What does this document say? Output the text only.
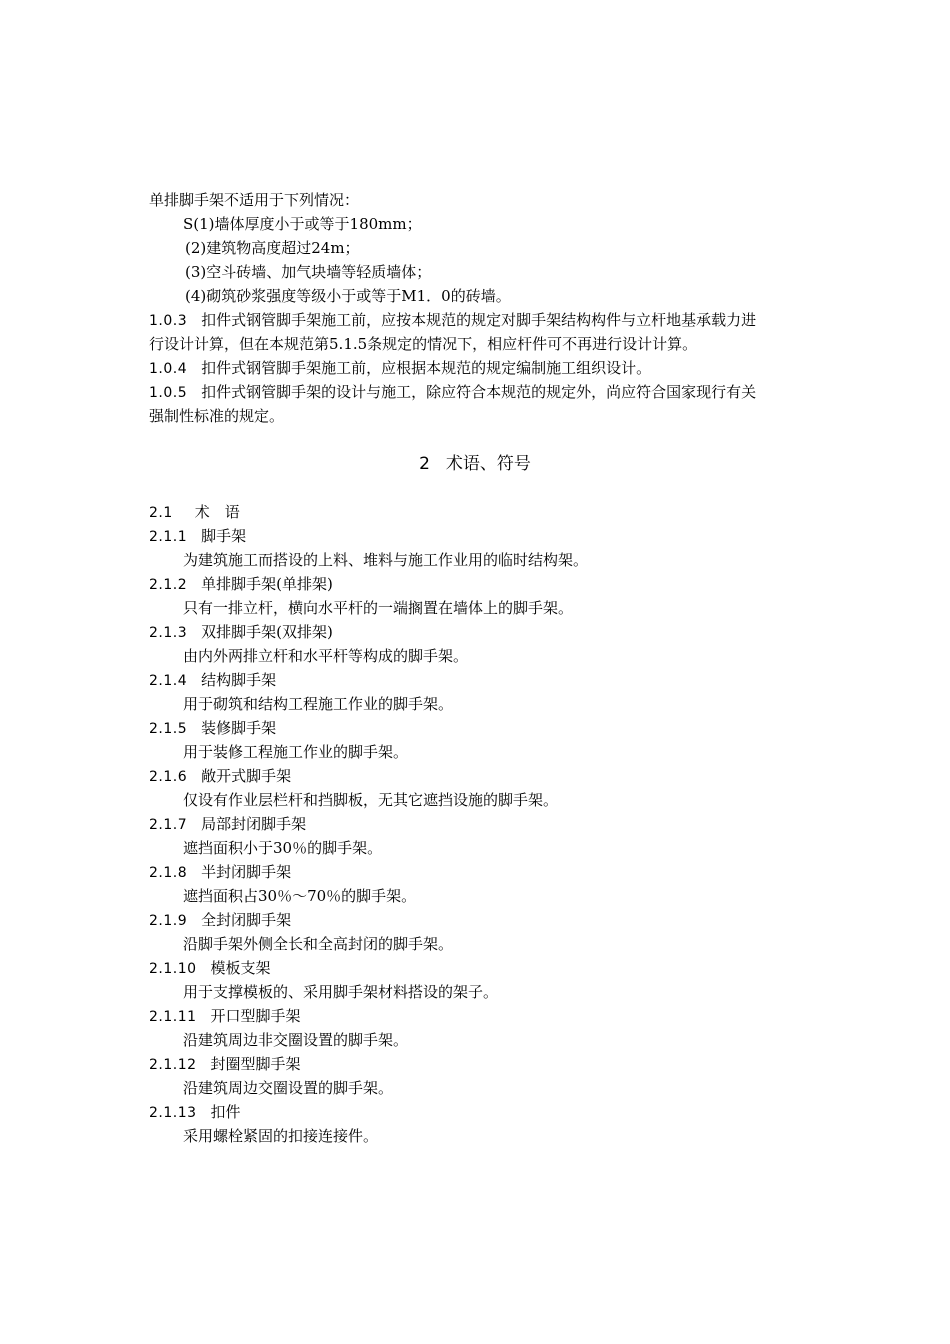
单排脚手架不适用于下列情况：
S(1)墙体厚度小于或等于180mm；
(2)建筑物高度超过24m；
(3)空斗砖墙、加气块墙等轻质墙体；
(4)砌筑砂浆强度等级小于或等于M1．0的砖墙。
1.0.3 扣件式钢管脚手架施工前，应按本规范的规定对脚手架结构构件与立杆地基承载力进
行设计计算，但在本规范第5.1.5条规定的情况下，相应杆件可不再进行设计计算。
1.0.4 扣件式钢管脚手架施工前，应根据本规范的规定编制施工组织设计。
1.0.5 扣件式钢管脚手架的设计与施工，除应符合本规范的规定外，尚应符合国家现行有关
强制性标准的规定。
2 术语、符号
2.1 术　语
2.1.1 脚手架
为建筑施工而搭设的上料、堆料与施工作业用的临时结构架。
2.1.2 单排脚手架(单排架)
只有一排立杆，横向水平杆的一端搁置在墙体上的脚手架。
2.1.3 双排脚手架(双排架)
由内外两排立杆和水平杆等构成的脚手架。
2.1.4 结构脚手架
用于砌筑和结构工程施工作业的脚手架。
2.1.5 装修脚手架
用于装修工程施工作业的脚手架。
2.1.6 敞开式脚手架
仅设有作业层栏杆和挡脚板，无其它遮挡设施的脚手架。
2.1.7 局部封闭脚手架
遮挡面积小于30％的脚手架。
2.1.8 半封闭脚手架
遮挡面积占30％～70％的脚手架。
2.1.9 全封闭脚手架
沿脚手架外侧全长和全高封闭的脚手架。
2.1.10 模板支架
用于支撑模板的、采用脚手架材料搭设的架子。
2.1.11 开口型脚手架
沿建筑周边非交圈设置的脚手架。
2.1.12 封圈型脚手架
沿建筑周边交圈设置的脚手架。
2.1.13 扣件
采用螺栓紧固的扣接连接件。
